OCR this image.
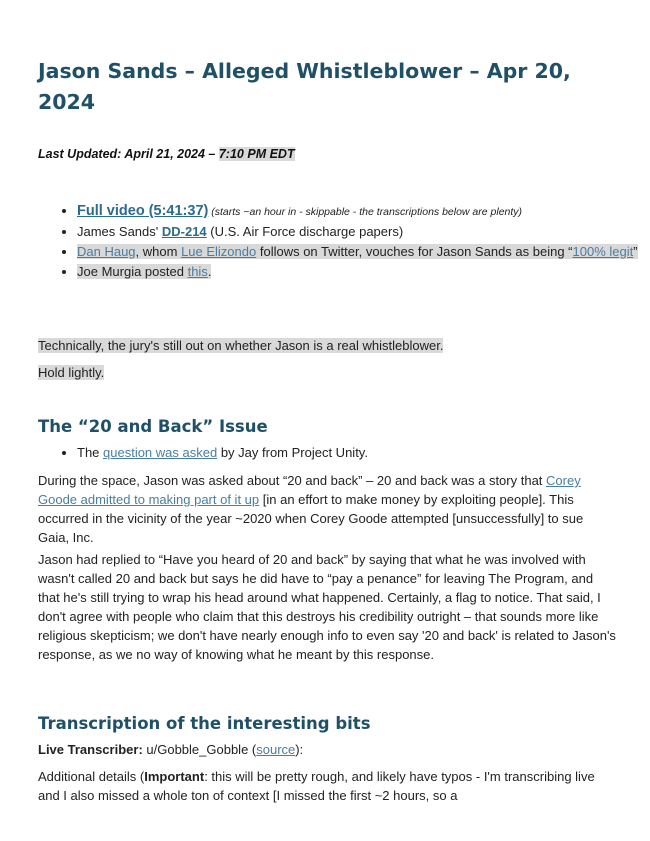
Jason Sands – Alleged Whistleblower – Apr 20, 2024

Last Updated: April 21, 2024 – 7:10 PM EDT

• Full video (5:41:37) (starts ~an hour in - skippable - the transcriptions below are plenty)
• James Sands' DD-214 (U.S. Air Force discharge papers)
• Dan Haug, whom Lue Elizondo follows on Twitter, vouches for Jason Sands as being “100% legit”
• Joe Murgia posted this.

Technically, the jury's still out on whether Jason is a real whistleblower.

Hold lightly.

The “20 and Back” Issue
• The question was asked by Jay from Project Unity.

During the space, Jason was asked about “20 and back” – 20 and back was a story that Corey Goode admitted to making part of it up [in an effort to make money by exploiting people]. This occurred in the vicinity of the year ~2020 when Corey Goode attempted [unsuccessfully] to sue Gaia, Inc.

Jason had replied to “Have you heard of 20 and back” by saying that what he was involved with wasn't called 20 and back but says he did have to “pay a penance” for leaving The Program, and that he's still trying to wrap his head around what happened. Certainly, a flag to notice. That said, I don't agree with people who claim that this destroys his credibility outright – that sounds more like religious skepticism; we don't have nearly enough info to even say '20 and back' is related to Jason's response, as we no way of knowing what he meant by this response.

Transcription of the interesting bits

Live Transcriber: u/Gobble_Gobble (source):

Additional details (Important: this will be pretty rough, and likely have typos - I'm transcribing live and I also missed a whole ton of context [I missed the first ~2 hours, so a
